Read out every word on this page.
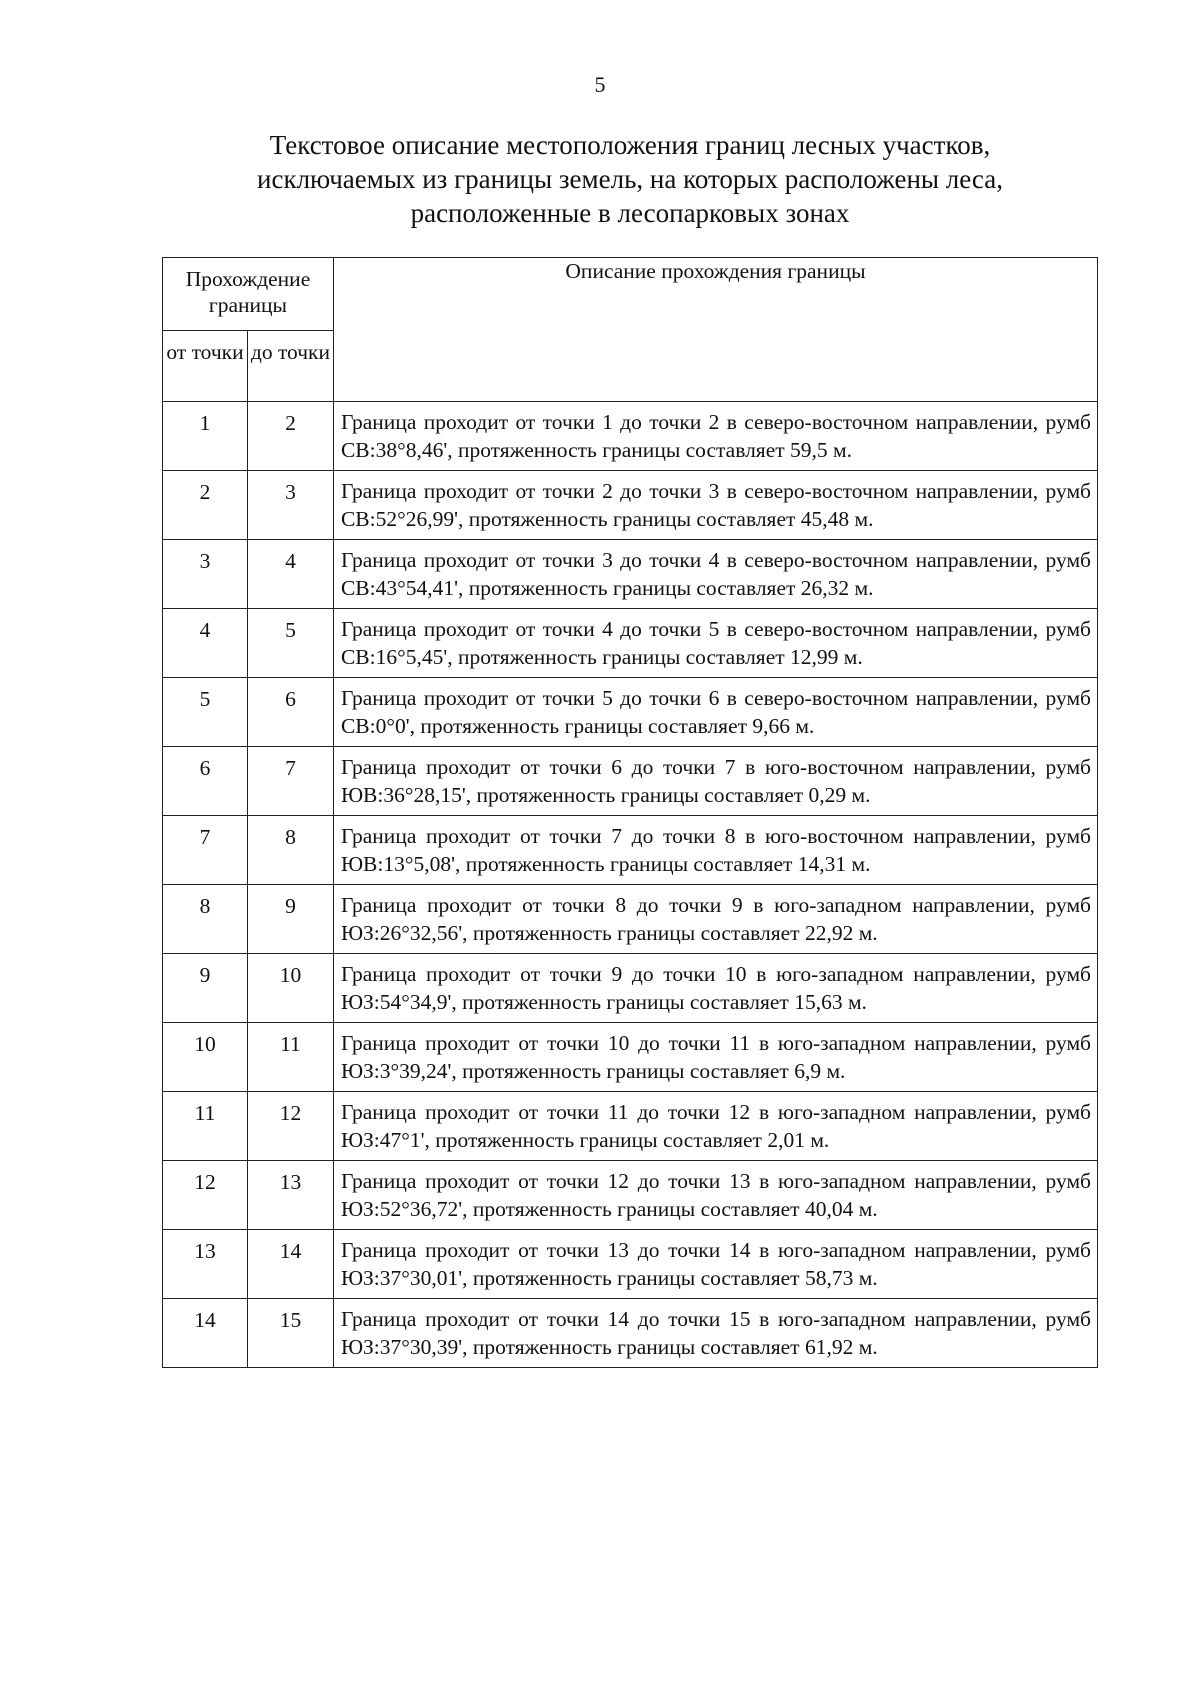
5
Текстовое описание местоположения границ лесных участков,
исключаемых из границы земель, на которых расположены леса,
расположенные в лесопарковых зонах
Прохождение границы		Описание прохождения границы
от точки	до точки	
1	2	Граница проходит от точки 1 до точки 2 в северо-восточном направлении, румб СВ:38°8,46', протяженность границы составляет 59,5 м.
2	3	Граница проходит от точки 2 до точки 3 в северо-восточном направлении, румб СВ:52°26,99', протяженность границы составляет 45,48 м.
3	4	Граница проходит от точки 3 до точки 4 в северо-восточном направлении, румб СВ:43°54,41', протяженность границы составляет 26,32 м.
4	5	Граница проходит от точки 4 до точки 5 в северо-восточном направлении, румб СВ:16°5,45', протяженность границы составляет 12,99 м.
5	6	Граница проходит от точки 5 до точки 6 в северо-восточном направлении, румб СВ:0°0', протяженность границы составляет 9,66 м.
6	7	Граница проходит от точки 6 до точки 7 в юго-восточном направлении, румб ЮВ:36°28,15', протяженность границы составляет 0,29 м.
7	8	Граница проходит от точки 7 до точки 8 в юго-восточном направлении, румб ЮВ:13°5,08', протяженность границы составляет 14,31 м.
8	9	Граница проходит от точки 8 до точки 9 в юго-западном направлении, румб ЮЗ:26°32,56', протяженность границы составляет 22,92 м.
9	10	Граница проходит от точки 9 до точки 10 в юго-западном направлении, румб ЮЗ:54°34,9', протяженность границы составляет 15,63 м.
10	11	Граница проходит от точки 10 до точки 11 в юго-западном направлении, румб ЮЗ:3°39,24', протяженность границы составляет 6,9 м.
11	12	Граница проходит от точки 11 до точки 12 в юго-западном направлении, румб ЮЗ:47°1', протяженность границы составляет 2,01 м.
12	13	Граница проходит от точки 12 до точки 13 в юго-западном направлении, румб ЮЗ:52°36,72', протяженность границы составляет 40,04 м.
13	14	Граница проходит от точки 13 до точки 14 в юго-западном направлении, румб ЮЗ:37°30,01', протяженность границы составляет 58,73 м.
14	15	Граница проходит от точки 14 до точки 15 в юго-западном направлении, румб ЮЗ:37°30,39', протяженность границы составляет 61,92 м.
